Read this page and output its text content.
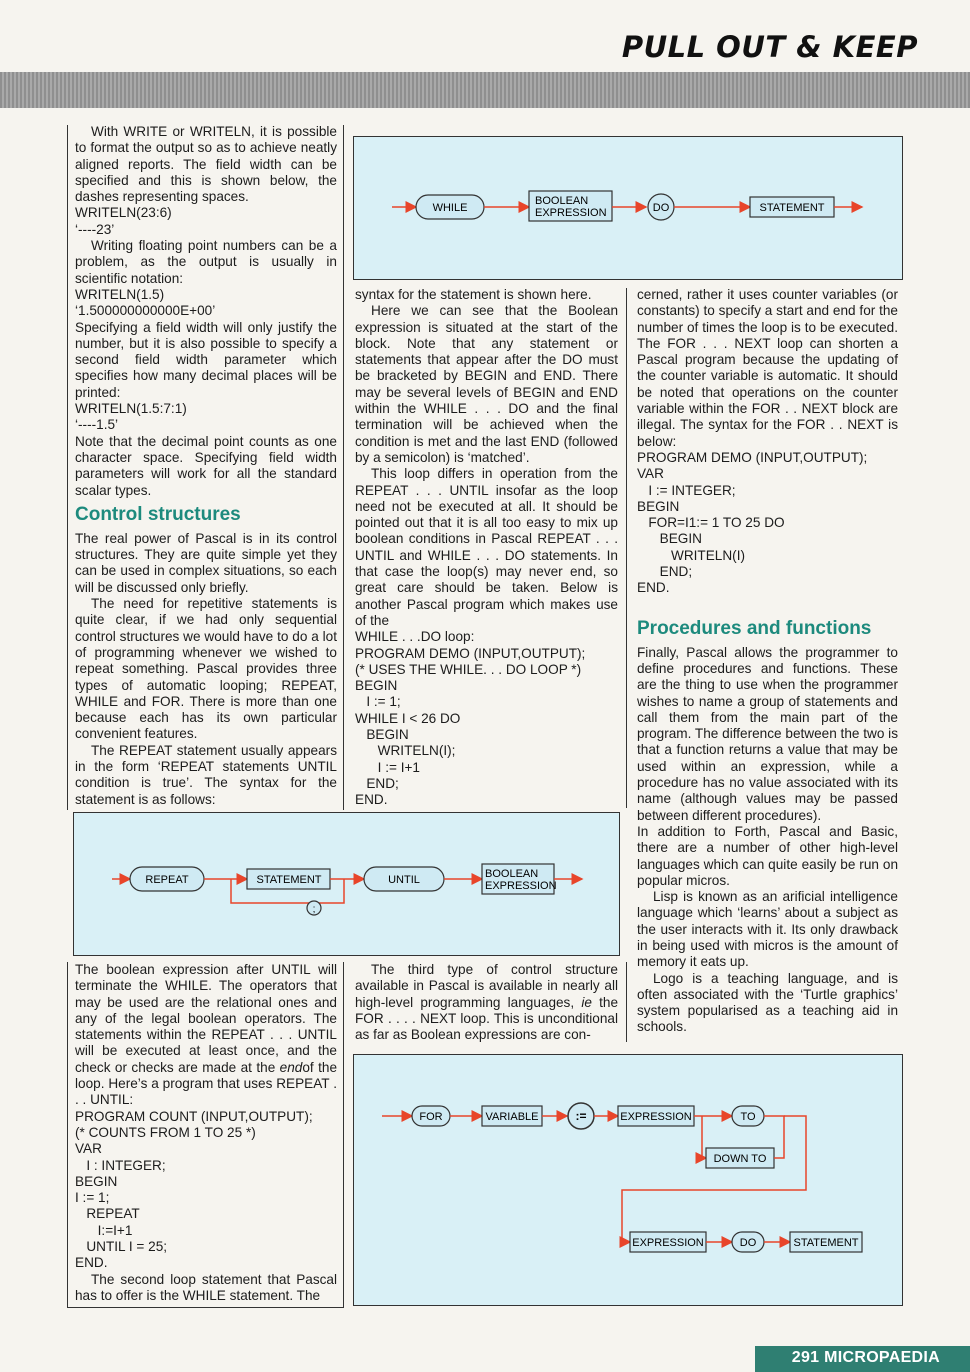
PULL OUT & KEEP

With WRITE or WRITELN, it is possible to format the output so as to achieve neatly aligned reports. The field width can be specified and this is shown below, the dashes representing spaces.

WRITELN(23:6)
‘----23’

Writing floating point numbers can be a problem, as the output is usually in scientific notation:

WRITELN(1.5)
‘1.500000000000E+00’

Specifying a field width will only justify the number, but it is also possible to specify a second field width parameter which specifies how many decimal places will be printed:

WRITELN(1.5:7:1)
‘----1.5’

Note that the decimal point counts as one character space. Specifying field width parameters will work for all the standard scalar types.

Control structures

The real power of Pascal is in its control structures. They are quite simple yet they can be used in complex situations, so each will be discussed only briefly.

The need for repetitive statements is quite clear, if we had only sequential control structures we would have to do a lot of programming whenever we wished to repeat something. Pascal provides three types of automatic looping; REPEAT, WHILE and FOR. There is more than one because each has its own particular convenient features.

The REPEAT statement usually appears in the form ‘REPEAT statements UNTIL condition is true’. The syntax for the statement is as follows:

WHILE
BOOLEAN
EXPRESSION	DO	STATEMENT

syntax for the statement is shown here.

Here we can see that the Boolean expression is situated at the start of the block. Note that any statement or statements that appear after the DO must be bracketed by BEGIN and END. There may be several levels of BEGIN and END within the WHILE . . . DO and the final termination will be achieved when the condition is met and the last END (followed by a semicolon) is ‘matched’.

This loop differs in operation from the REPEAT . . . UNTIL insofar as the loop need not be executed at all. It should be pointed out that it is all too easy to mix up boolean conditions in Pascal REPEAT . . . UNTIL and WHILE . . . DO statements. In that case the loop(s) may never end, so great care should be taken. Below is another Pascal program which makes use of the

WHILE . . .DO loop:
PROGRAM DEMO (INPUT,OUTPUT);
(* USES THE WHILE. . . DO LOOP *)
BEGIN
I := 1;
WHILE I < 26 DO
BEGIN
WRITELN(I);
I := I+1
END;
END.

cerned, rather it uses counter variables (or constants) to specify a start and end for the number of times the loop is to be executed. The FOR . . . NEXT loop can shorten a Pascal program because the updating of the counter variable is automatic. It should be noted that operations on the counter variable within the FOR . . NEXT block are illegal. The syntax for the FOR . . NEXT is below:

PROGRAM DEMO (INPUT,OUTPUT);
VAR
I := INTEGER;
BEGIN
FOR=I1:= 1 TO 25 DO
BEGIN
WRITELN(I)
END;
END.

Procedures and functions

Finally, Pascal allows the programmer to define procedures and functions. These are the thing to use when the programmer wishes to name a group of statements and call them from the main part of the program. The difference between the two is that a function returns a value that may be used within an expression, while a procedure has no value associated with its name (although values may be passed between different procedures).

In addition to Forth, Pascal and Basic, there are a number of other high-level languages which can quite easily be run on popular micros.

Lisp is known as an arificial intelligence language which ‘learns’ about a subject as the user interacts with it. Its only drawback in being used with micros is the amount of memory it eats up.

Logo is a teaching language, and is often associated with the ‘Turtle graphics’ system popularised as a teaching aid in schools.

REPEAT	STATEMENT
;
UNTIL	BOOLEAN
EXPRESSION

The boolean expression after UNTIL will terminate the WHILE. The operators that may be used are the relational ones and any of the legal boolean operators. The statements within the REPEAT . . . UNTIL will be executed at least once, and the check or checks are made at the endof the loop. Here’s a program that uses REPEAT . . . UNTIL:

PROGRAM COUNT (INPUT,OUTPUT);
(* COUNTS FROM 1 TO 25 *)
VAR
I : INTEGER;
BEGIN
I := 1;
REPEAT
I:=I+1
UNTIL I = 25;
END.

The second loop statement that Pascal has to offer is the WHILE statement. The

The third type of control structure available in Pascal is available in nearly all high-level programming languages, ie the FOR . . . . NEXT loop. This is unconditional as far as Boolean expressions are con-

FOR	VARIABLE	:=	EXPRESSION	TO
DOWN TO
EXPRESSION	DO	STATEMENT
291 MICROPAEDIA
